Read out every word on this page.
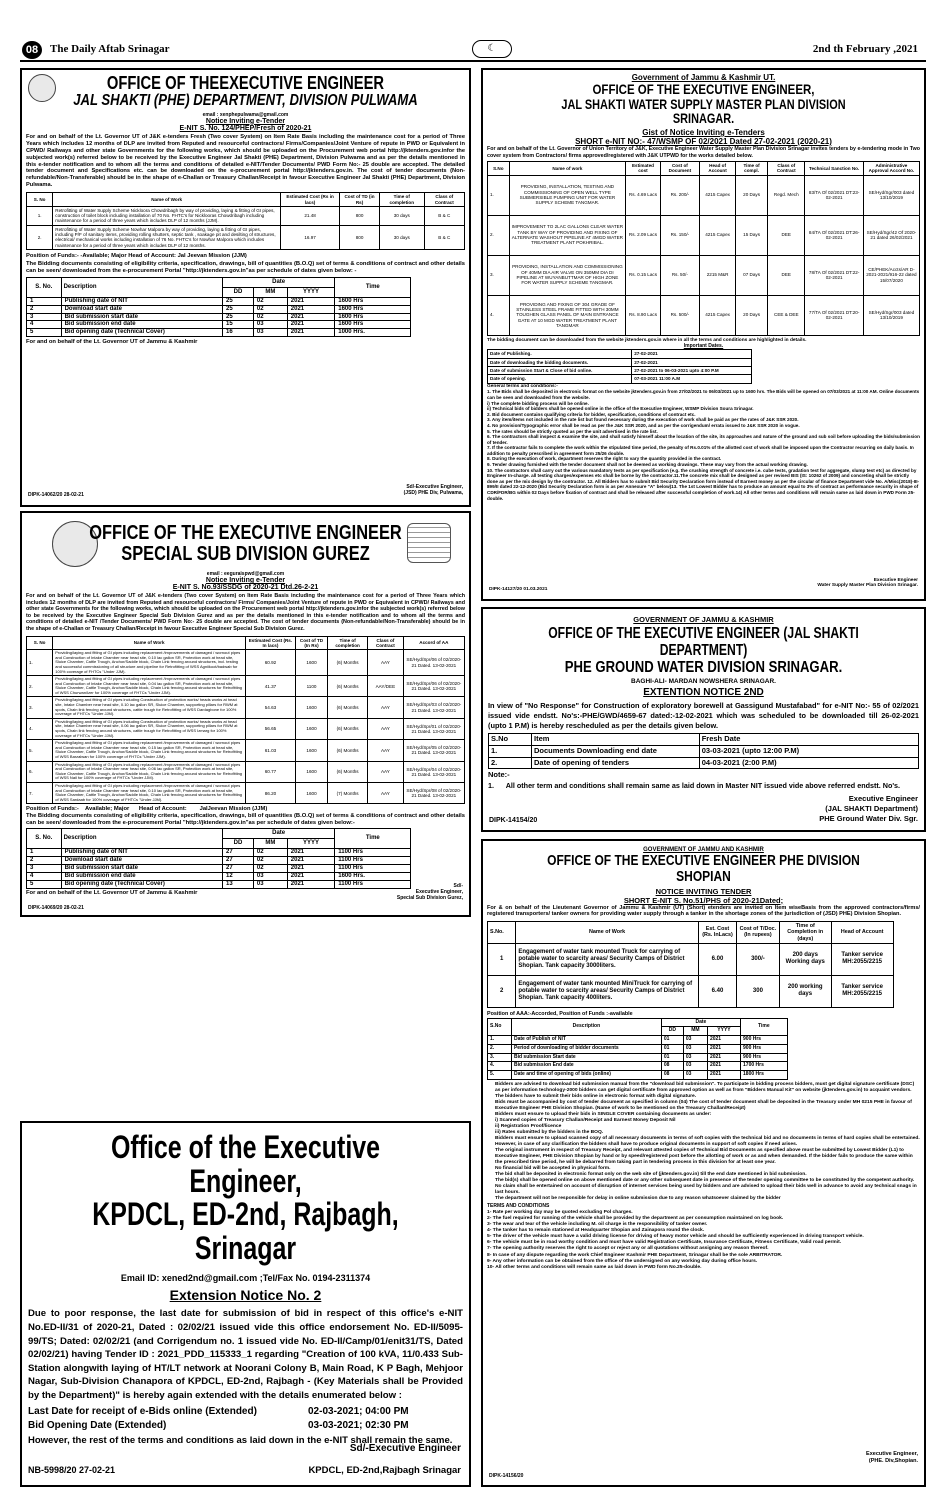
08	The Daily Aftab Srinagar	☾	2nd th February ,2021
OFFICE OF THEEXECUTIVE ENGINEER
JAL SHAKTI (PHE) DEPARTMENT, DIVISION PULWAMA
email : xenphepulwama@gmail.com
Notice Inviting e-Tender
E-NIT S. No. 124/PHEP/Fresh of 2020-21

For and on behalf of the Lt. Governor UT of J&K e-tenders Fresh (Two cover System) on Item Rate Basis including the maintenance cost for a period of Three Years which includes 12 months of DLP are invited from Reputed and resourceful contractors/ Firms/Companies/Joint Venture of repute in PWD or Equivalent in CPWD/ Railways and other state Governments for the following works, which should be uploaded on the Procurement web portal http://jktenders.gov.infor the subjected work(s) referred below to be received by the Executive Engineer Jal Shakti (PHE) Department, Division Pulwama and as per the details mentioned in this e-tender notification and to whom all the terms and conditions of detailed e-NIT/Tender Documents/ PWD Form No:- 25 double are accepted. The detailed tender document and Specifications etc. can be downloaded on the e-procurement portal http://jktenders.gov.in. The cost of tender documents (Non-refundable/Non-Transferable) should be in the shape of e-Challan or Treasury Challan/Receipt in favour Executive Engineer Jal Shakti (PHE) Department, Division Pulwama.

S. No	Name of Work	Estimated Cost (Rs in lacs)	Cost of TD (in Rs)	Time of completion	Class of Contract
1.	Retrofitting of Water Supply Scheme Nickloora Chowdribagh by way of providing, laying & fitting of GI pipes, construction of toilet block including installation of 70 No. FHTC's for Nicklooras Chowdribagh including maintenance for a period of three years which includes DLP of 12 months (JJM).	21.48	800	30 days	B & C
2.	Retrofitting of Water Supply Scheme Nowhar Malpora by way of providing, laying & fitting of GI pipes, including P/F of sanitary items, providing rolling shutters, septic tank , soakage pit and desilting of structures, electrical/ mechanical works including installation of 76 No. FHTC's for Nowhar Malpora which includes maintenance for a period of three years which includes DLP of 12 months.	16.97	800	30 days	B & C
Position of Funds:- -Available; Major Head of Account: Jal Jeevan Mission (JJM)

The Bidding documents consisting of eligibility criteria, specification, drawings, bill of quantities (B.O.Q) set of terms & conditions of contract and other details can be seen/ downloaded from the e-procurement Portal "http://jktenders.gov.in"as per schedule of dates given below: -

S. No.	Description	Date			Time
		DD	MM	YYYY	
1	Publishing date of NIT	25	02	2021	1600 Hrs
2	Download start date	25	02	2021	1600 Hrs
3	Bid submission start date	25	02	2021	1600 Hrs
4	Bid submission end date	15	03	2021	1600 Hrs
5	Bid opening date (Technical Cover)	16	03	2021	1000 Hrs.
For and on behalf of the Lt. Governor UT of Jammu & Kashmir
Sd/-Executive Engineer,
(JSD) PHE Div, Pulwama,
DIPK-14062/20 28-02-21
OFFICE OF THE EXECUTIVE ENGINEER
SPECIAL SUB DIVISION GUREZ
email : eeguraispwd@gmail.com
Notice Inviting e-Tender
E-NIT S. No.93/SSDG of 2020-21 Dtd.26-2-21

For and on behalf of the Lt. Governor UT of J&K e-tenders (Two cover System) on Item Rate Basis including the maintenance cost for a period of Three Years which includes 12 months of DLP are invited from Reputed and resourceful contractors/ Firms/ Companies/Joint Venture of repute in PWD or Equivalent in CPWD/ Railways and other state Governments for the following works, which should be uploaded on the Procurement web portal http://jktenders.gov.infor the subjected work(s) referred below to be received by the Executive Engineer Special Sub Division Gurez and as per the details mentioned in this e-tender notification and to whom all the terms and conditions of detailed e-NIT /Tender Documents/ PWD Form No:- 25 double are accepted. The cost of tender documents (Non-refundable/Non-Transferable) should be in the shape of e-Challan or Treasury Challan/Receipt in favour Executive Engineer Special Sub Division Gurez.

S. No	Name of Work	Estimated Cost (Rs. In lacs)	Cost of TD (In Rs)	Time of completion	Class of Contract	Accord of AA
1.	Providing/laying and fitting of GI pipes including replacement /improvements of damaged / wornout pipes and Construction of Intake Chamber near head site, 0.10 lac gallon SR, Protection work at head site, Sluice Chamber, Cattle Trough, Anchor/Saddle block, Chain Link fencing around structures, incl. testing and successful commissioning of all structure and pipeline for Retrofitting of WSS Agniikoot/badwab for 100% coverage of FHTCs "Under JJM).	60.92	1600	(6) Months	AAY	SE/Hyd/Spr/06 of 02/2020-21 Dated. 13-02-2021
2.	Providing/laying and fitting of GI pipes including replacement /improvements of damaged / wornout pipes and Construction of Intake Chamber near head site, 0.04 lac gallon SR, Protection work at head site, Sluice Chamber, Cattle Trough, Anchor/Saddle block, Chain Link fencing around structures for Retrofitting of WSS Churwan/Izer for 100% coverage of FHTCs "Under JJM).	41.37	1100	(6) Months	AAY/DEE	SE/Hyd/Spr/06 of 02/2020-21 Dated. 13-02-2021
3.	Providing/laying and fitting of GI pipes including Construction of protection works/ heads works at head site, Intake Chamber near head site, 0.10 lac gallon SR, Sluice Chamber, supporting pillars for RWM at spots, Chain link fencing around structures, cattle trough for Retrofitting of WSS Dardagbone for 100% coverage of FHTCs "Under JJM).	54.63	1600	(6) Months	AAY	SE/Hyd/Spr/03 of 02/2020-21 Dated. 13-02-2021
4.	Providing/laying and fitting of GI pipes including Construction of protection works/ heads works at head site, Intake Chamber near head site, 0.06 lac gallon SR, Sluice Chamber, supporting pillars for RWM at spots, Chain link fencing around structures, cattle trough for Retrofitting of WSS Izmarg for 100% coverage of FHTCs "Under JJM).	56.65	1600	(6) Months	AAY	SE/Hyd/Spr/01 of 02/2020-21 Dated. 13-02-2021
5.	Providing/laying and fitting of GI pipes including replacement /improvements of damaged / wornout pipes and Construction of Intake Chamber near head site, 0.15 lac gallon SR, Protection work at head site, Sluice Chamber, Cattle Trough, Anchor/Saddle block, Chain Link fencing around structures for Retrofitting of WSS Barzalwan for 100% coverage of FHTCs "Under JJM).	61.03	1600	(6) Months	AAY	SE/Hyd/Spr/05 of 02/2020-21 Dated. 13-02-2021
6.	Providing/laying and fitting of GI pipes including replacement /improvements of damaged / wornout pipes and Construction of Intake Chamber near head site, 0.06 lac gallon SR, Protection work at head site, Sluice Chamber, Cattle Trough, Anchor/Saddle block, Chain Link fencing around structures for Retrofitting of WSS Nail for 100% coverage of FHTCs "Under JJM).	60.77	1600	(6) Months	AAY	SE/Hyd/Spr/04 of 02/2020-21 Dated. 13-02-2021
7.	Providing/laying and fitting of GI pipes including replacement /improvements of damaged / wornout pipes and Construction of Intake Chamber near head site, 0.10 lac gallon SR, Protection work at head site, Sluice Chamber, Cattle Trough, Anchor/Saddle block, Chain Link fencing around structures for Retrofitting of WSS Sardaab for 100% coverage of FHTCs "Under JJM).	86.20	1600	(7) Months	AAY	SE/Hyd/Spr/08 of 02/2020-21 Dated. 13-02-2021
Position of Funds:-    Available; Major      Head of Account:        JalJeevan Mission (JJM)

The Bidding documents consisting of eligibility criteria, specification, drawings, bill of quantities (B.O.Q) set of terms & conditions of contract and other details can be seen/ downloaded from the e-procurement Portal "http://jktenders.gov.in"as per schedule of dates given below:-

S. No.	Description	Date			Time
		DD	MM	YYYY	
1	Publishing date of NIT	27	02	2021	1100 Hrs
2	Download start date	27	02	2021	1100 Hrs
3	Bid submission start date	27	02	2021	1100 Hrs
4	Bid submission end date	12	03	2021	1600 Hrs.
5	Bid opening date (Technical Cover)	13	03	2021	1100 Hrs
For and on behalf of the Lt. Governor UT of Jammu & Kashmir
Sd/-
Executive Engineer,
Special Sub Division Gurez,
DIPK-14069/20 28-02-21
Office of the Executive Engineer,
KPDCL, ED-2nd, Rajbagh, Srinagar
Email ID: xened2nd@gmail.com ;Tel/Fax No. 0194-2311374
Extension Notice No. 2

Due to poor response, the last date for submission of bid in respect of this office's e-NIT No.ED-II/31 of 2020-21, Dated : 02/02/21 issued vide this office endorsement No. ED-II/5095-99/TS; Dated: 02/02/21 (and Corrigendum no. 1 issued vide No. ED-II/Camp/01/enit31/TS, Dated 02/02/21) having Tender ID : 2021_PDD_115333_1 regarding "Creation of 100 kVA, 11/0.433 Sub-Station alongwith laying of HT/LT network at Noorani Colony B, Main Road, K P Bagh, Mehjoor Nagar, Sub-Division Chanapora of KPDCL, ED-2nd, Rajbagh - (Key Materials shall be Provided by the Department)" is hereby again extended with the details enumerated below :

Last Date for receipt of e-Bids online (Extended)	02-03-2021; 04:00 PM
Bid Opening Date (Extended)	03-03-2021; 02:30 PM
However, the rest of the terms and conditions as laid down in the e-NIT shall remain the same.
Sd/-Executive Engineer
NB-5998/20 27-02-21	KPDCL, ED-2nd,Rajbagh Srinagar
Government of Jammu & Kashmir UT.
OFFICE OF THE EXECUTIVE ENGINEER,
JAL SHAKTI WATER SUPPLY MASTER PLAN DIVISION SRINAGAR.
Gist of Notice Inviting e-Tenders
SHORT e-NIT NO:- 47/WSMP OF 02/2021 Dated 27-02-2021 (2020-21)

For and on behalf of the Lt. Governor of Union Territory of J&K, Executive Engineer Water Supply Master Plan Division Srinagar invites tenders by e-tendering mode in Two cover system from Contractors/ firms approved/registered with J&K UTPWD for the works detailed below.

S.No	Name of work	Estimated cost	Cost of Document	Head of Account	Time of compl.	Class of Contract	Technical Sanction No.	Administrative Approval Accord No.
1.	PROVIDING, INSTALLATION, TESTING AND COMMISSIONING OF OPEN WELL TYPE SUBMERSIBLE PUMPING UNIT FOR WATER SUPPLY SCHEME TANGMAR.	Rs. 4.69 Lacs	Rs. 200/-	4215 Capex	20 Days	Regd. Mech	83/TA Of 02/2021 DT:23-02-2021	SE/Hyd/Sgr/003 dated 13/10/2019
2.	IMPROVEMENT TO 2LAC GALLONS CLEAR WATER TANK BY WAY OF PROVIDING AND FIXING OF ALTERNATE WASHOUT PIPELINE AT 4MGD WATER TREATMENT PLANT POKHRIBAL.	Rs. 2.09 Lacs	Rs. 150/-	4215 Capex	15 Days	DEE	84/TA Of 02/2021 DT:26-02-2021	SE/Hyd/Sgr/42 Of 2020-21 dated 26/02/2021
3.	PROVIDING, INSTALLATION AND COMMISSIONING OF 40MM DIA AIR VALVE ON 350MM DIA DI PIPELINE AT WUYANBUTTMAR OF HIGH ZONE FOR WATER SUPPLY SCHEME TANGMAR.	Rs. 0.15 Lacs	Rs. 50/-	2215 M&R	07 Days	DEE	78/TA Of 02/2021 DT:22-02-2021	CE/PHEK/Accts/AR D-2021-2021/916-22 dated 15/07/2020
4.	PROVIDING AND FIXING OF 304 GRADE OF STAINLESS STEEL FRAME FITTED WITH 30MM TOUGHEN GLASS PANEL OF MAIN ENTRANCE GATE AT 10 MGD WATER TREATMENT PLANT TANGMAR	Rs. 8.90 Lacs	Rs. 500/-	4215 Capex	20 Days	CEE & DEE	77/TA Of 02/2021 DT:20-02-2021	SE/Hyd/Sgr/003 dated 13/10/2019
The bidding document can be downloaded from the website jktenders.gov.in where in all the terms and conditions are highlighted in details.
Important Dates.
Date of Publishing.	27-02-2021
Date of downloading the bidding documents.	27-02-2021
Date of submission Start & Close of bid online.	27-02-2021 to 06-03-2021 upto 4:00 P.M
Date of opening.	07-03-2021 11:00 A.M
General terms and conditions:-
1. The Bids shall be deposited in electronic format on the website jktenders.gov.in from 27/02/2021 to 06/03/2021 up to 1600 hrs. The Bids will be opened on 07/03/2021 at 11:00 AM. Online documents can be seen and downloaded from the website.
i) The complete bidding process will be online.
ii) Technical bids of bidders shall be opened online in the office of the Executive Engineer, WSMP Division Soura Srinagar.
2. Bid document contains qualifying criteria for bidder, specification, conditions of contract etc.
3. Any item/items not included in the rate list but found necessary during the execution of work shall be paid as per the rates of J&K SSR 2020.
4. No provision/Typographic error shall be read as per the J&K SSR 2020, and as per the corrigendum/ errata issued to J&K SSR 2020 in vogue.
5. The rates should be strictly quoted as per the unit advertised in the rate list.
6. The contractors shall inspect & examine the site, and shall satisfy himself about the location of the site, its approaches and nature of the ground and sub soil before uploading the bids/submission of tender.
7. If the contractor fails to complete the work within the stipulated time period, the penalty of Rs.0.01% of the allotted cost of work shall be imposed upon the Contractor recurring on daily basis. In addition to penalty prescribed in agreement form 25/26 double.
8. During the execution of work, department reserves the right to vary the quantity provided in the contract.
9. Tender drawing furnished with the tender document shall not be deemed as working drawings. These may vary from the actual working drawing.
10. The contractors shall carry out the various mandatory tests as per specification (e.g. the crushing strength of concrete i.e. cube tests, gradation test for aggregate, slump test etc) as directed by Engineer In-charge. all testing charges/expenses etc shall be borne by the contractor.11.The concrete mix shall be designed as per revised BIS (IS: 10262 of 2009) and concreting shall be strictly done as per the mix design by the contractor. 12. All Bidders has to submit Bid Security Declaration form instead of Earnest money as per the circular of finance Department vide No. A/Misc(2018)-III-899/II dated 22-12-2020 (Bid Security Declaration form is as per Annexure "A" below)13. The 1st Lowest Bidder has to produce an amount equal to 3% of contract as performance security in shape of CDR/FDR/BG within 02 Days before fixation of contract and shall be released after successful completion of work.14) All other terms and conditions will remain same as laid down in PWD Form 25-double.
Executive Engineer
Water Supply Master Plan Division Srinagar.
DIPK-14127/20 01.03.2021
GOVERNMENT OF JAMMU & KASHMIR
OFFICE OF THE EXECUTIVE ENGINEER (JAL SHAKTI DEPARTMENT)
PHE GROUND WATER DIVISION SRINAGAR.
BAGHI-ALI- MARDAN NOWSHERA SRINAGAR.
EXTENTION NOTICE 2ND

In view of "No Response" for Construction of exploratory borewell at Gassigund Mustafabad" for e-NIT No:- 55 of 02/2021 issued vide endstt. No's:-PHE/GWD/4659-67 dated:-12-02-2021 which was scheduled to be downloaded till 26-02-2021 (upto 1 P.M) is hereby rescheduled as per the details given below.

S.No	Item	Fresh Date
1.	Documents Downloading end date	03-03-2021 (upto 12:00 P.M)
2.	Date of opening of tenders	04-03-2021 (2:00 P.M)
Note:-
1.      All other term and conditions shall remain same as laid down in Master NIT issued vide above referred endstt. No's.
Executive Engineer
(JAL SHAKTI Department)
PHE Ground Water Div. Sgr.
DIPK-14154/20
GOVERNMENT OF JAMMU AND KASHMIR
OFFICE OF THE EXECUTIVE ENGINEER PHE DIVISION SHOPIAN
NOTICE INVITING TENDER
SHORT E-NIT S. No.51/PHS of 2020-21Dated;

For & on behalf of the Lieutenant Governor of Jammu & Kashmir (UT) (Short) etenders are invited on Item wiseBasis from the approved contractors/firms/ registered transporters/ tanker owners for providing water supply through a tanker in the shortage zones of the jurisdiction of (JSD) PHE) Division Shopian.

S.No.	Name of Work	Est. Cost (Rs. InLacs)	Cost of T/Doc. (In rupees)	Time of Completion in (days)	Head of Account
1	Engagement of water tank mounted Truck for carrying of potable water to scarcity areas/ Security Camps of District Shopian. Tank capacity 3000liters.	6.00	300/-	200 days Working days	Tanker service MH:2055/2215
2	Engagement of water tank mounted MiniTruck for carrying of potable water to scarcity areas/ Security Camps of District Shopian. Tank capacity 400liters.	6.40	300	200 working days	Tanker service MH:2055/2215
Position of AAA:-Accorded, Position of Funds :-available
S.No	Description	Date			Time
		DD	MM	YYYY	
1.	Date of Publish of NIT	01	03	2021	900 Hrs
2.	Period of downloading of bidder documents	01	03	2021	900 Hrs
3.	Bid submission Start date	01	03	2021	900 Hrs
4.	Bid submission End date	08	03	2021	1700 Hrs
5.	Date and time of opening of bids (online)	08	03	2021	1800 Hrs
Bidders are advised to download bid submission manual from the "download bid submission". To participate in bidding process bidders, must get digital signature certificate (DSC) as per information technology-2000 bidders can get digital certificate from approved option as well as from "Bidders Manual Kit" on website (jktenders.gov.in) to acquaint vendors.
The bidders have to submit their bids online in electronic format with digital signature.
Bids must be accompanied by cost of tender document as specified in column (04) The cost of tender document shall be deposited in the Treasury under MH 0215 PHE in favour of Executive Engineer PHE Division Shopian. (Name of work to be mentioned on the Treasury Challan/Receipt)
Bidders must ensure to upload their bids in SINGLE COVER containing documents as under:
i) Scanned copies of Treasury Challan/Receipt and Earnest Money Deposit Nil
ii) Registration Proof/licence
iii) Rates submitted by the bidders in the BOQ.
Bidders must ensure to upload scanned copy of all necessary documents in terms of soft copies with the technical bid and no documents in terms of hard copies shall be entertained. However, in case of any clarification the bidders shall have to produce original documents in support of soft copies if need arises.
The original instrument in respect of Treasury Receipt, and relevant attested copies of Technical Bid Documents as specified above must be submitted by Lowest Bidder (L1) to Executive Engineer, PHE Division Shopian by hand or by speed/registered post before the allotting of work or as and when demanded. If the bidder fails to produce the same within the prescribed time period, he will be debarred from taking part in tendering process in this division for at least one year.
No financial bid will be accepted in physical form.
The bid shall be deposited in electronic format only on the web site of (jktenders.gov.in) till the end date mentioned in bid submission.
The bid(s) shall be opened online on above mentioned date or any other subsequent date in presence of the tender opening committee to be constituted by the competent authority.
No claim shall be entertained on account of disruption of internet services being used by bidders and are advised to upload their bids well in advance to avoid any technical snags in last hours.
The department will not be responsible for delay in online submission due to any reason whatsoever claimed by the bidder
TERMS AND CONDITIONS
1- Rate per working day may be quoted excluding Pol charges.
2- The fuel required for running of the vehicle shall be provided by the department as per consumption maintained on log book.
3- The wear and tear of the vehicle including M. oil charge is the responsibility of tanker owner.
4- The tanker has to remain stationed at Headquarter Shopian and Zainapora round the clock.
5- The driver of the vehicle must have a valid driving license for driving of heavy motor vehicle and should be sufficiently experienced in driving transport vehicle.
6- The vehicle must be in road worthy condition and must have valid Registration Certificate, Insurance Certificate, Fitness Certificate, Valid road permit.
7- The opening authority reserves the right to accept or reject any or all quotations without assigning any reason thereof.
8- In case of any dispute regarding the work Chief Engineer Kashmir PHE Department, Srinagar shall be the sole ARBITRATOR.
9- Any other information can be obtained from the office of the undersigned on any working day during office hours.
10- All other terms and conditions will remain same as laid down in PWD form No.25-double.
Executive Engineer,
(PHE. Div,Shopian.
DIPK-14156/20
